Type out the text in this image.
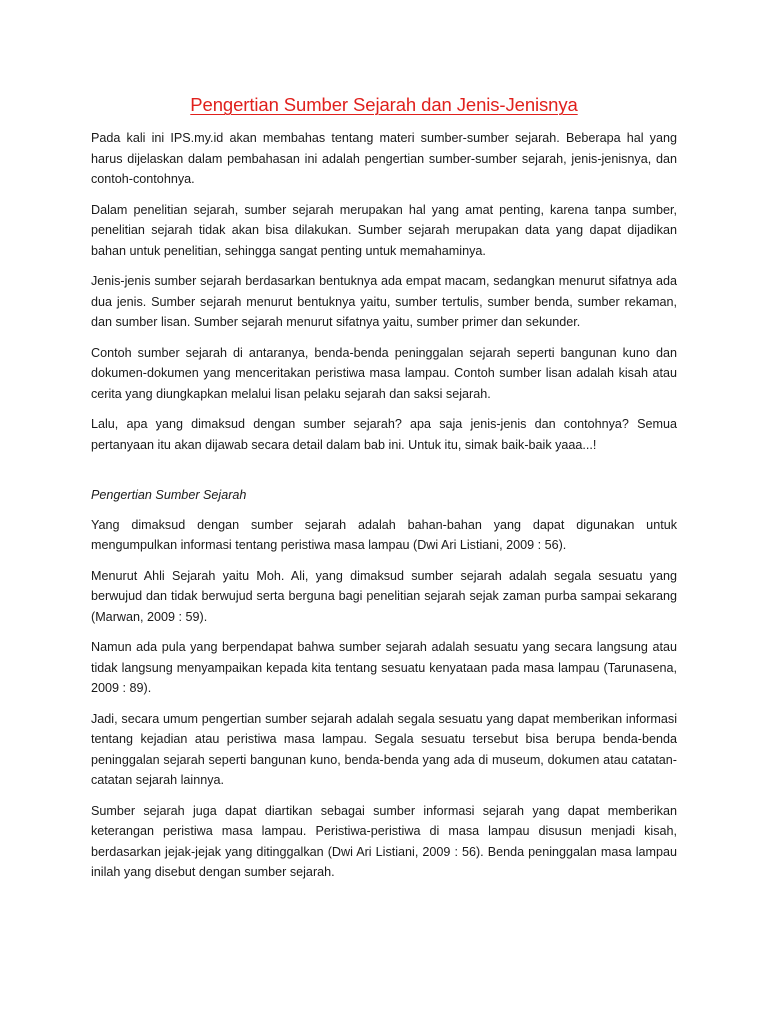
Pengertian Sumber Sejarah dan Jenis-Jenisnya

Pada kali ini IPS.my.id akan membahas tentang materi sumber-sumber sejarah. Beberapa hal yang harus dijelaskan dalam pembahasan ini adalah pengertian sumber-sumber sejarah, jenis-jenisnya, dan contoh-contohnya.

Dalam penelitian sejarah, sumber sejarah merupakan hal yang amat penting, karena tanpa sumber, penelitian sejarah tidak akan bisa dilakukan. Sumber sejarah merupakan data yang dapat dijadikan bahan untuk penelitian, sehingga sangat penting untuk memahaminya.

Jenis-jenis sumber sejarah berdasarkan bentuknya ada empat macam, sedangkan menurut sifatnya ada dua jenis. Sumber sejarah menurut bentuknya yaitu, sumber tertulis, sumber benda, sumber rekaman, dan sumber lisan. Sumber sejarah menurut sifatnya yaitu, sumber primer dan sekunder.

Contoh sumber sejarah di antaranya, benda-benda peninggalan sejarah seperti bangunan kuno dan dokumen-dokumen yang menceritakan peristiwa masa lampau. Contoh sumber lisan adalah kisah atau cerita yang diungkapkan melalui lisan pelaku sejarah dan saksi sejarah.

Lalu, apa yang dimaksud dengan sumber sejarah? apa saja jenis-jenis dan contohnya? Semua pertanyaan itu akan dijawab secara detail dalam bab ini. Untuk itu, simak baik-baik yaaa...!

Pengertian Sumber Sejarah

Yang dimaksud dengan sumber sejarah adalah bahan-bahan yang dapat digunakan untuk mengumpulkan informasi tentang peristiwa masa lampau (Dwi Ari Listiani, 2009 : 56).

Menurut Ahli Sejarah yaitu Moh. Ali, yang dimaksud sumber sejarah adalah segala sesuatu yang berwujud dan tidak berwujud serta berguna bagi penelitian sejarah sejak zaman purba sampai sekarang (Marwan, 2009 : 59).

Namun ada pula yang berpendapat bahwa sumber sejarah adalah sesuatu yang secara langsung atau tidak langsung menyampaikan kepada kita tentang sesuatu kenyataan pada masa lampau (Tarunasena, 2009 : 89).

Jadi, secara umum pengertian sumber sejarah adalah segala sesuatu yang dapat memberikan informasi tentang kejadian atau peristiwa masa lampau. Segala sesuatu tersebut bisa berupa benda-benda peninggalan sejarah seperti bangunan kuno, benda-benda yang ada di museum, dokumen atau catatan-catatan sejarah lainnya.

Sumber sejarah juga dapat diartikan sebagai sumber informasi sejarah yang dapat memberikan keterangan peristiwa masa lampau. Peristiwa-peristiwa di masa lampau disusun menjadi kisah, berdasarkan jejak-jejak yang ditinggalkan (Dwi Ari Listiani, 2009 : 56). Benda peninggalan masa lampau inilah yang disebut dengan sumber sejarah.
